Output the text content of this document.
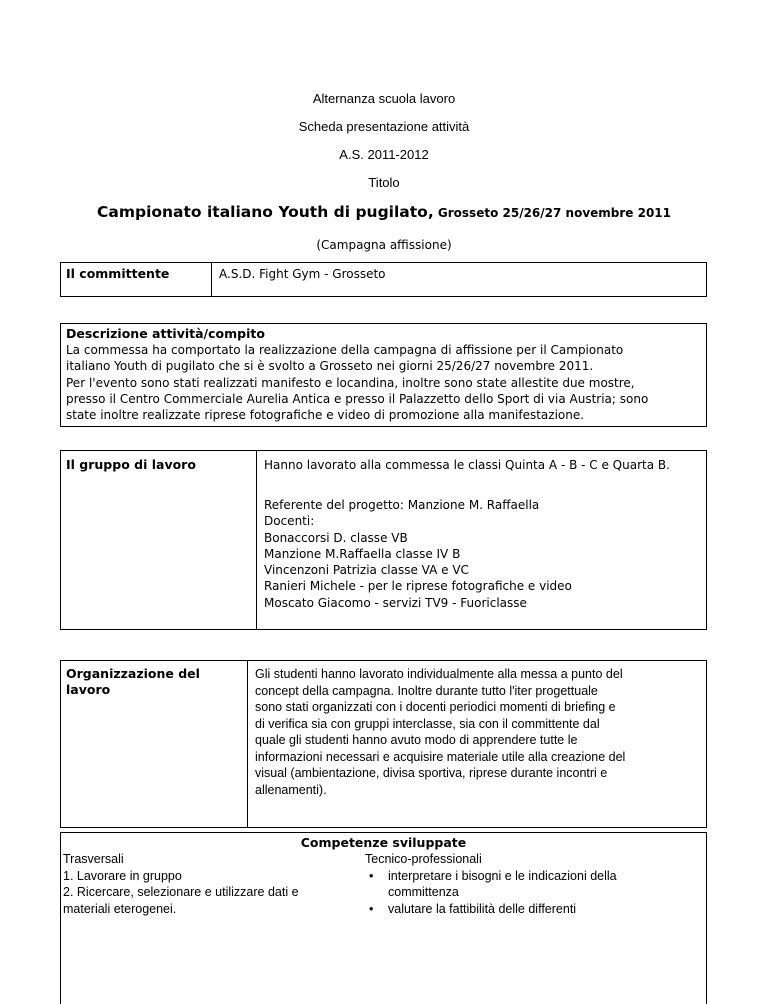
Alternanza scuola lavoro
Scheda presentazione attività
A.S. 2011-2012
Titolo
Campionato italiano Youth di pugilato, Grosseto 25/26/27 novembre 2011
(Campagna affissione)
Il committente	A.S.D. Fight Gym - Grosseto
Descrizione attività/compito
La commessa ha comportato la realizzazione della campagna di affissione per il Campionato
italiano Youth di pugilato che si è svolto a Grosseto nei giorni 25/26/27 novembre 2011.
Per l'evento sono stati realizzati manifesto e locandina, inoltre sono state allestite due mostre,
presso il Centro Commerciale Aurelia Antica e presso il Palazzetto dello Sport di via Austria; sono
state inoltre realizzate riprese fotografiche e video di promozione alla manifestazione.
Il gruppo di lavoro	Hanno lavorato alla commessa le classi Quinta A - B - C e Quarta B.
Referente del progetto: Manzione M. Raffaella
Docenti:
Bonaccorsi D. classe VB
Manzione M.Raffaella classe IV B
Vincenzoni Patrizia classe VA e VC
Ranieri Michele - per le riprese fotografiche e video
Moscato Giacomo - servizi TV9 - Fuoriclasse
Organizzazione del
lavoro
Gli studenti hanno lavorato individualmente alla messa a punto del
concept della campagna. Inoltre durante tutto l'iter progettuale
sono stati organizzati con i docenti periodici momenti di briefing e
di verifica sia con gruppi interclasse, sia con il committente dal
quale gli studenti hanno avuto modo di apprendere tutte le
informazioni necessari e acquisire materiale utile alla creazione del
visual (ambientazione, divisa sportiva, riprese durante incontri e
allenamenti).
Competenze sviluppate
Trasversali
1. Lavorare in gruppo
2. Ricercare, selezionare e utilizzare dati e
materiali eterogenei.
Tecnico-professionali
• interpretare i bisogni e le indicazioni della
committenza
• valutare la fattibilità delle differenti
